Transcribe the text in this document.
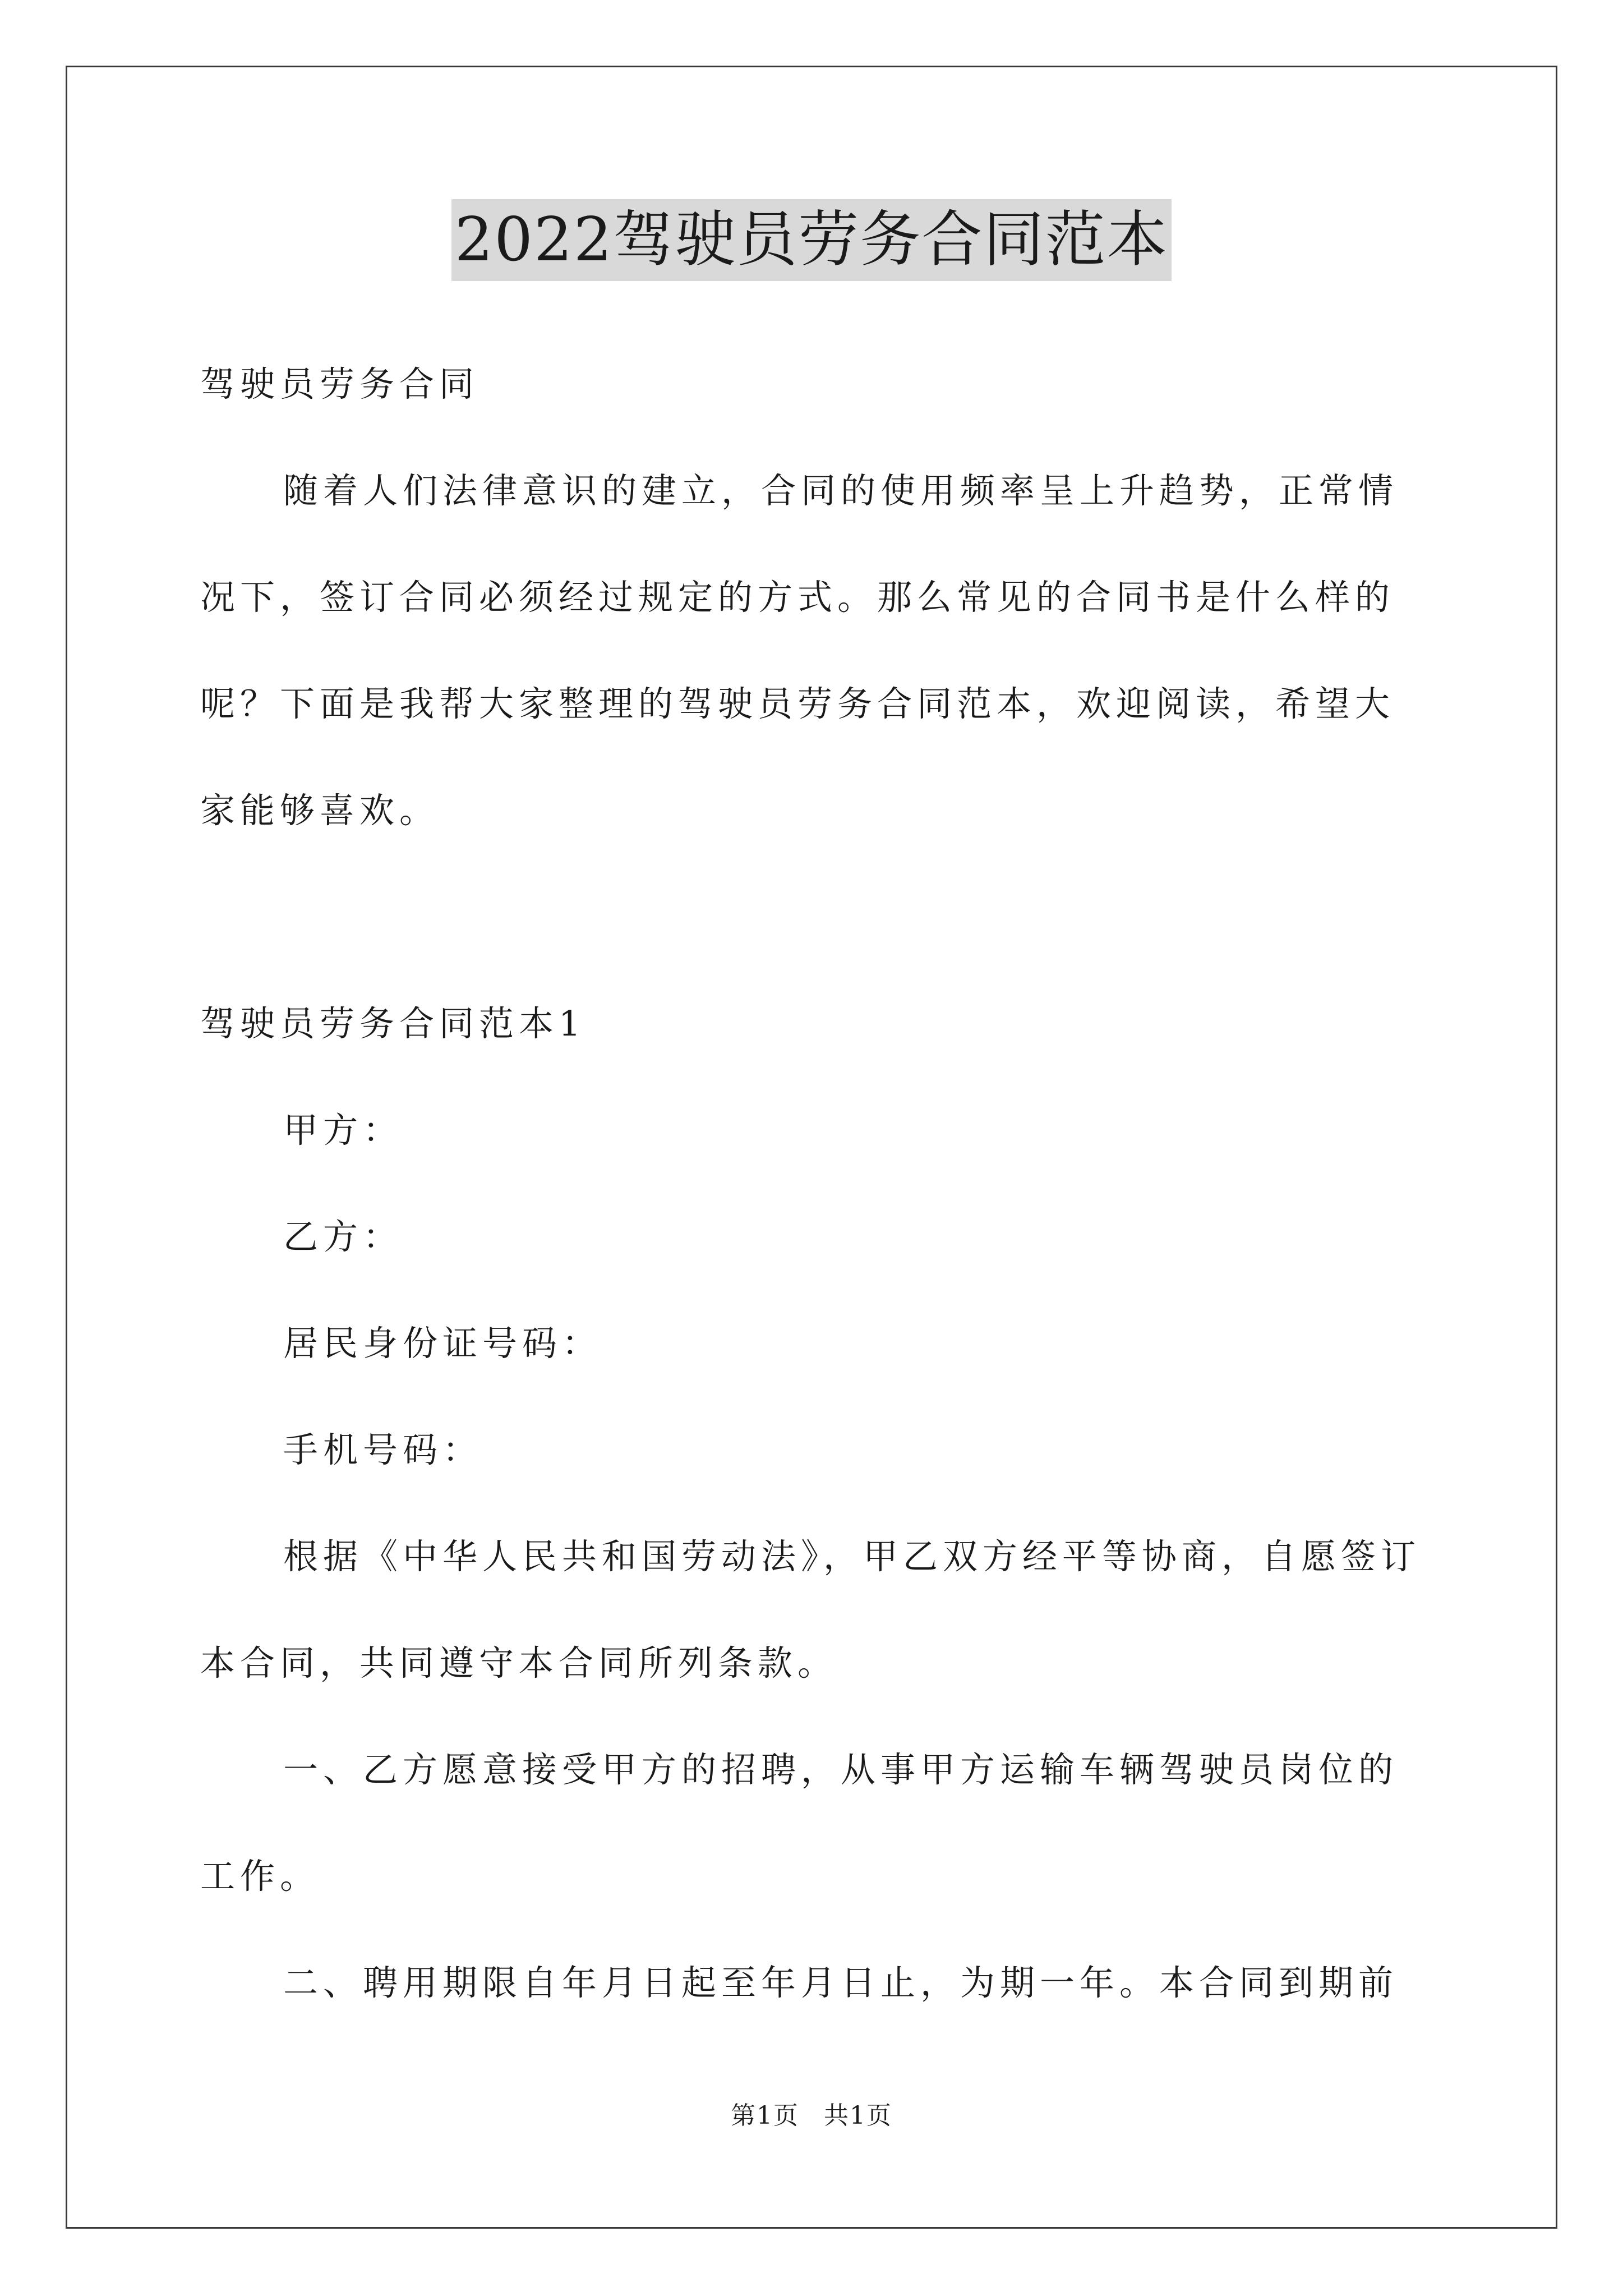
2022驾驶员劳务合同范本
驾驶员劳务合同
随着人们法律意识的建立，合同的使用频率呈上升趋势，正常情
况下，签订合同必须经过规定的方式。那么常见的合同书是什么样的
呢？下面是我帮大家整理的驾驶员劳务合同范本，欢迎阅读，希望大
家能够喜欢。
驾驶员劳务合同范本1
甲方：
乙方：
居民身份证号码：
手机号码：
根据《中华人民共和国劳动法》，甲乙双方经平等协商，自愿签订
本合同，共同遵守本合同所列条款。
一、乙方愿意接受甲方的招聘，从事甲方运输车辆驾驶员岗位的
工作。
二、聘用期限自年月日起至年月日止，为期一年。本合同到期前
第1页 共1页
